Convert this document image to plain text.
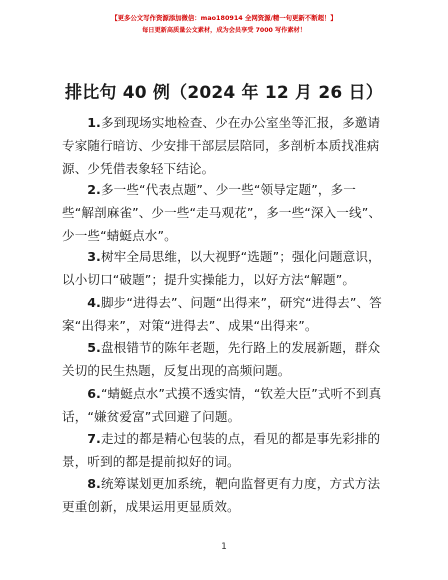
【更多公文写作资源添加微信：mao180914 全网资源/精一句更新不断超！】
每日更新高质量公文素材，成为会员享受 7000 写作素材！
排比句 40 例（2024 年 12 月 26 日）
1.多到现场实地检查、少在办公室坐等汇报，多邀请专家随行暗访、少安排干部层层陪同，多剖析本质找准病源、少凭借表象轻下结论。
2.多一些“代表点题”、少一些“领导定题”，多一些“解剖麻雀”、少一些“走马观花”，多一些“深入一线”、少一些“蜻蜓点水”。
3.树牢全局思维，以大视野“选题”；强化问题意识，以小切口“破题”；提升实操能力，以好方法“解题”。
4.脚步“进得去”、问题“出得来”，研究“进得去”、答案“出得来”，对策“进得去”、成果“出得来”。
5.盘根错节的陈年老题，先行路上的发展新题，群众关切的民生热题，反复出现的高频问题。
6.“蜻蜓点水”式摸不透实情，“钦差大臣”式听不到真话，“嫌贫爱富”式回避了问题。
7.走过的都是精心包装的点，看见的都是事先彩排的景，听到的都是提前拟好的词。
8.统筹谋划更加系统，靶向监督更有力度，方式方法更重创新，成果运用更显质效。
1
